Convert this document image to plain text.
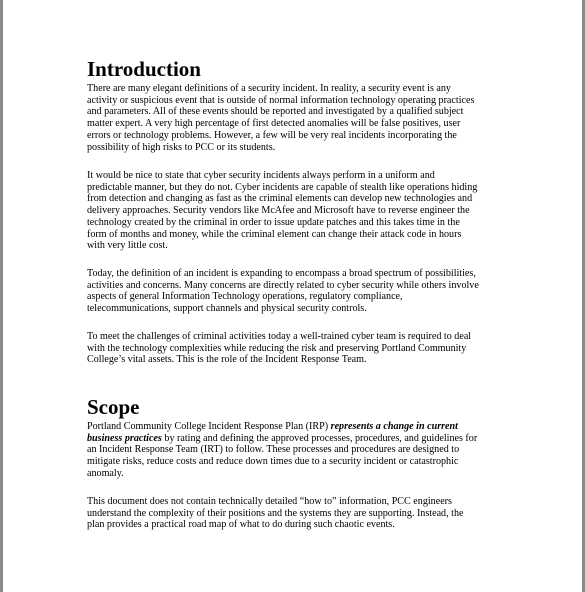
Introduction

There are many elegant definitions of a security incident. In reality, a security event is any
activity or suspicious event that is outside of normal information technology operating practices
and parameters. All of these events should be reported and investigated by a qualified subject
matter expert. A very high percentage of first detected anomalies will be false positives, user
errors or technology problems. However, a few will be very real incidents incorporating the
possibility of high risks to PCC or its students.

It would be nice to state that cyber security incidents always perform in a uniform and
predictable manner, but they do not. Cyber incidents are capable of stealth like operations hiding
from detection and changing as fast as the criminal elements can develop new technologies and
delivery approaches. Security vendors like McAfee and Microsoft have to reverse engineer the
technology created by the criminal in order to issue update patches and this takes time in the
form of months and money, while the criminal element can change their attack code in hours
with very little cost.

Today, the definition of an incident is expanding to encompass a broad spectrum of possibilities,
activities and concerns. Many concerns are directly related to cyber security while others involve
aspects of general Information Technology operations, regulatory compliance,
telecommunications, support channels and physical security controls.

To meet the challenges of criminal activities today a well-trained cyber team is required to deal
with the technology complexities while reducing the risk and preserving Portland Community
College’s vital assets. This is the role of the Incident Response Team.

Scope

Portland Community College Incident Response Plan (IRP) represents a change in current
business practices by rating and defining the approved processes, procedures, and guidelines for
an Incident Response Team (IRT) to follow. These processes and procedures are designed to
mitigate risks, reduce costs and reduce down times due to a security incident or catastrophic
anomaly.

This document does not contain technically detailed “how to” information, PCC engineers
understand the complexity of their positions and the systems they are supporting. Instead, the
plan provides a practical road map of what to do during such chaotic events.
